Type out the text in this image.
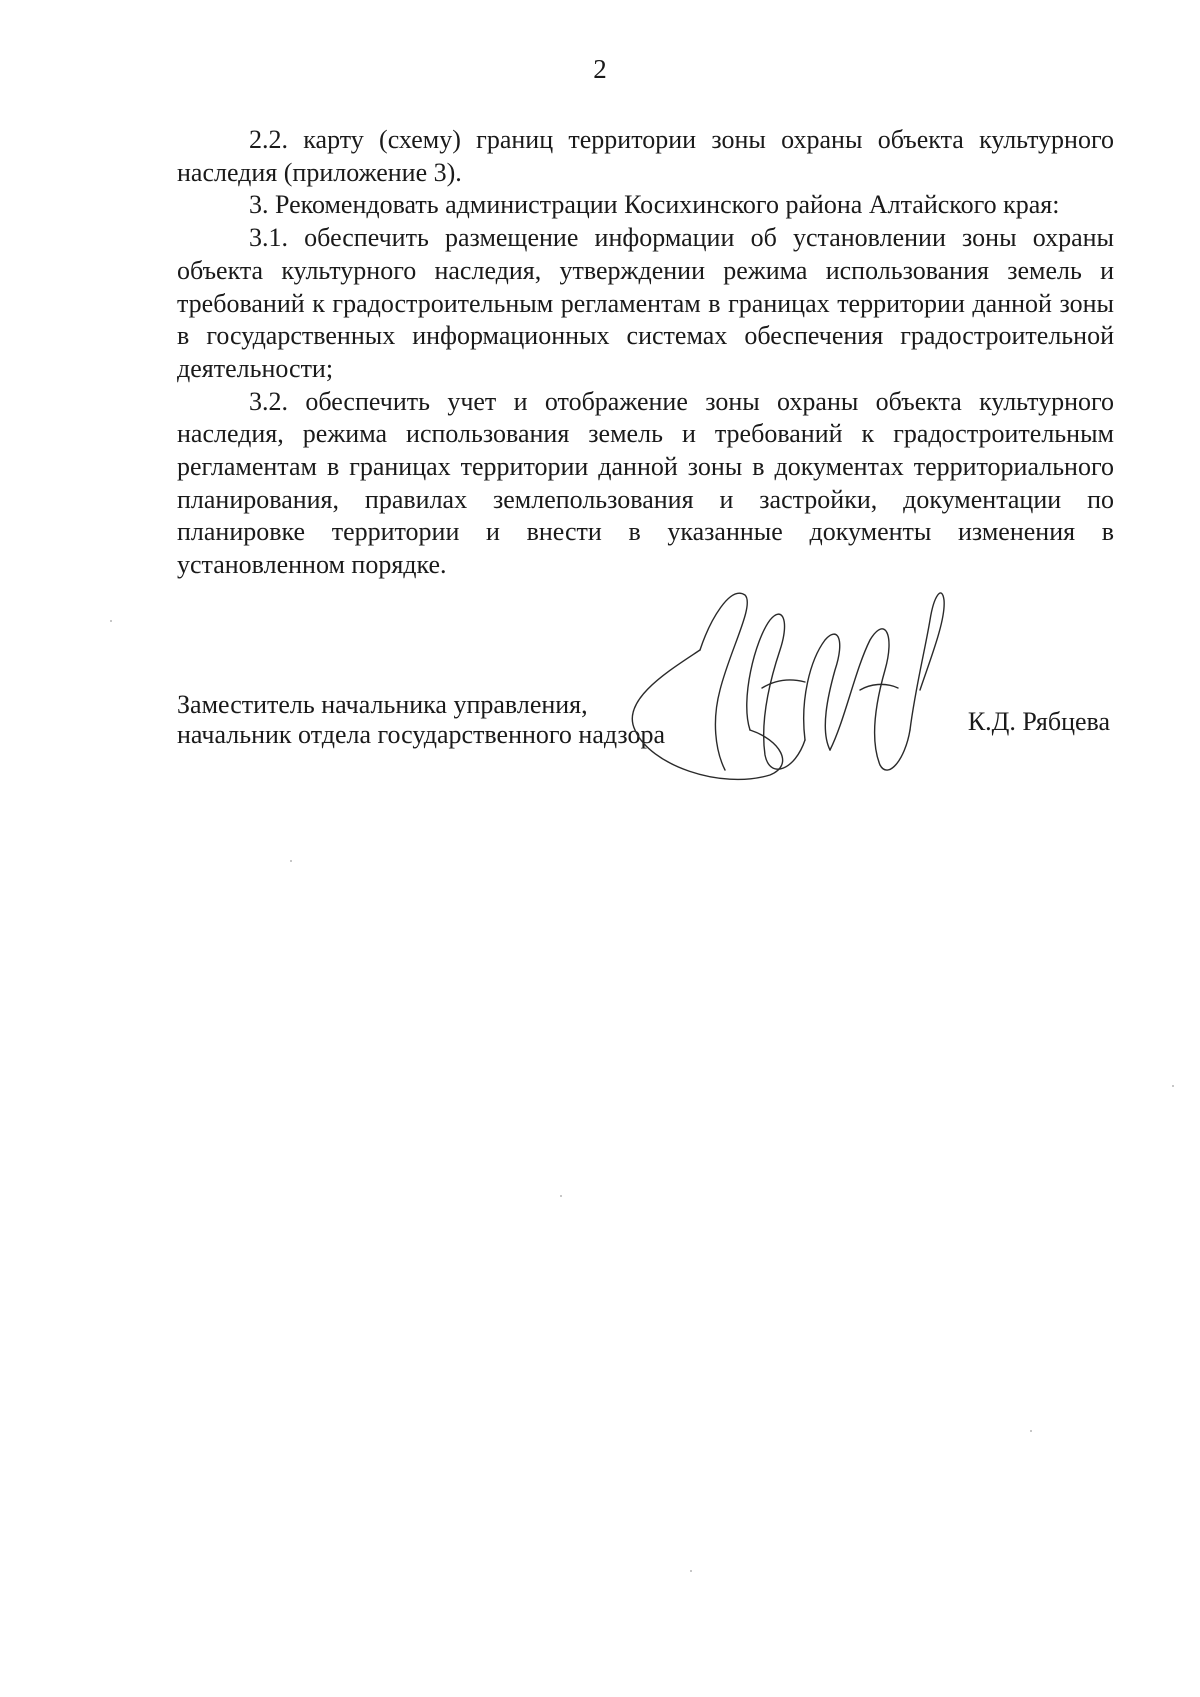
2

2.2. карту (схему) границ территории зоны охраны объекта культурного наследия (приложение 3).

3. Рекомендовать администрации Косихинского района Алтайского края:

3.1. обеспечить размещение информации об установлении зоны охраны объекта культурного наследия, утверждении режима использования земель и требований к градостроительным регламентам в границах территории данной зоны в государственных информационных системах обеспечения градостроительной деятельности;

3.2. обеспечить учет и отображение зоны охраны объекта культурного наследия, режима использования земель и требований к градостроительным регламентам в границах территории данной зоны в документах территориального планирования, правилах землепользования и застройки, документации по планировке территории и внести в указанные документы изменения в установленном порядке.

Заместитель начальника управления,
начальник отдела государственного надзора	К.Д. Рябцева
